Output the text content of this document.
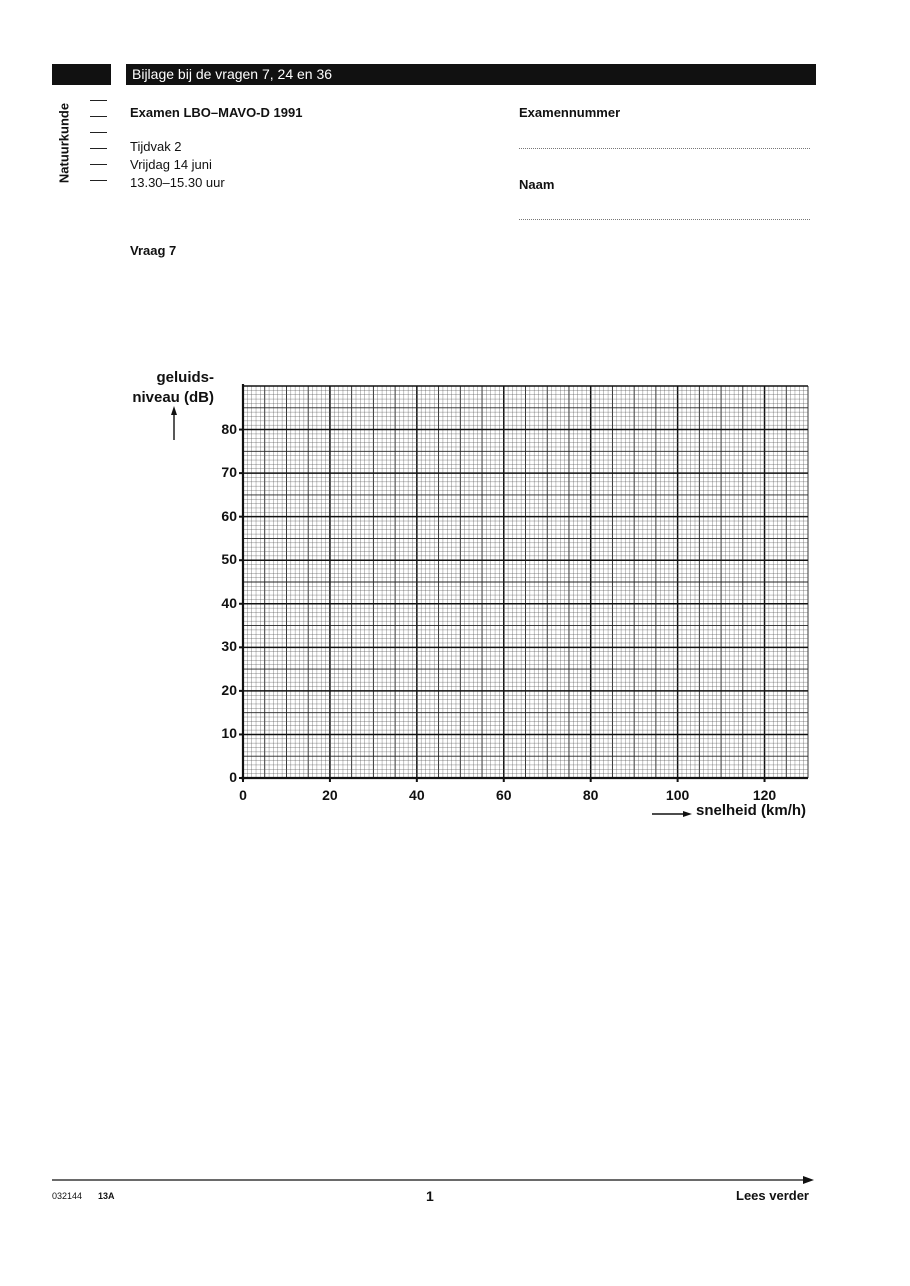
Bijlage bij de vragen 7, 24 en 36
Natuurkunde	Examen LBO–MAVO-D 1991
Tijdvak 2
Vrijdag 14 juni
13.30–15.30 uur
Examennummer
Naam
Vraag 7
geluids-
niveau (dB)
snelheid (km/h)
032144 13A	1	Lees verder
0
10
20
30
40
50
60
70
80
0	20	40	60	80	100	120
